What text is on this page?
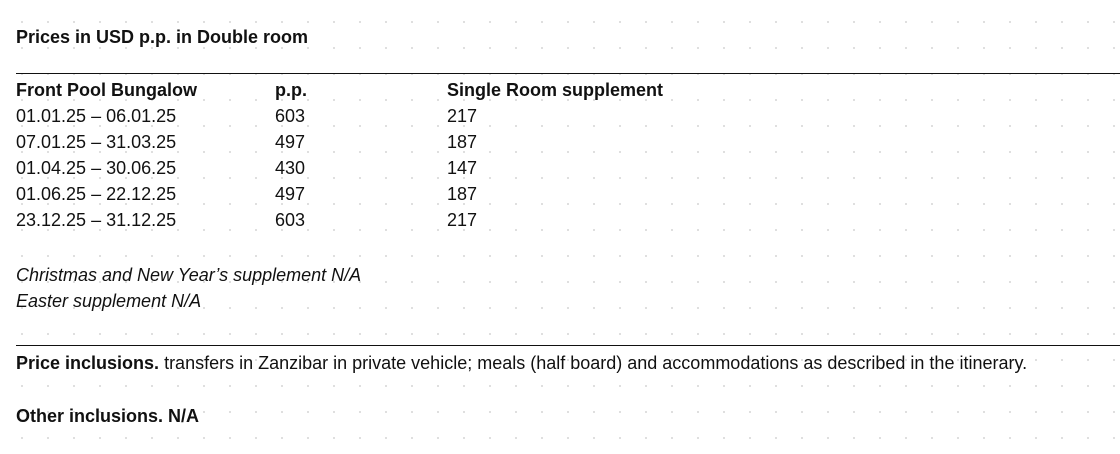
Prices in USD p.p. in Double room
Front Pool Bungalow	p.p.	Single Room supplement
01.01.25 – 06.01.25	603	217
07.01.25 – 31.03.25	497	187
01.04.25 – 30.06.25	430	147
01.06.25 – 22.12.25	497	187
23.12.25 – 31.12.25	603	217
Christmas and New Year’s supplement N/A
Easter supplement N/A
Price inclusions. transfers in Zanzibar in private vehicle; meals (half board) and accommodations as described in the itinerary.
Other inclusions. N/A
